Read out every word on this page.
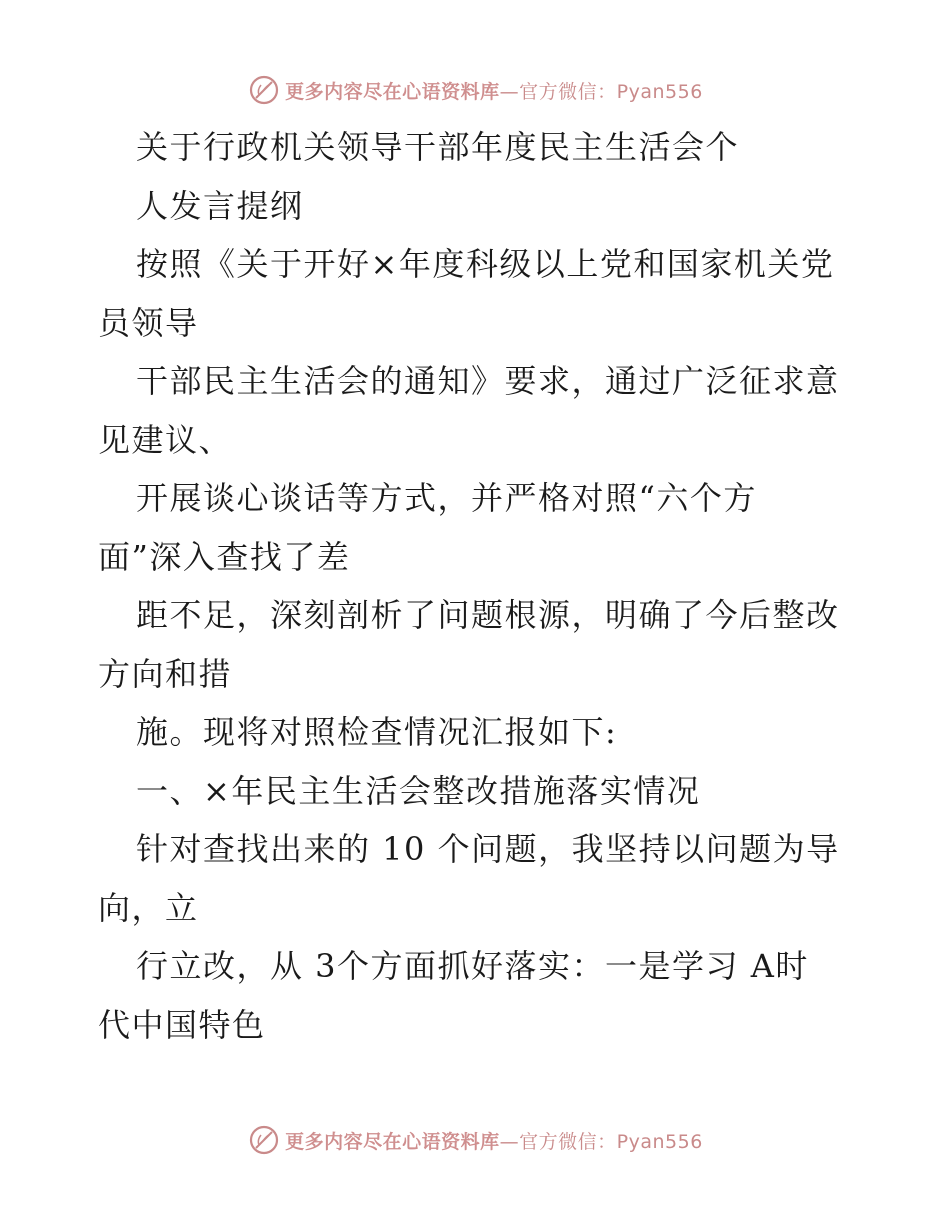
更多内容尽在心语资料库 —官方微信：Pyan556
关于行政机关领导干部年度民主生活会个
人发言提纲
按照《关于开好×年度科级以上党和国家机关党
员领导
干部民主生活会的通知》要求，通过广泛征求意
见建议、
开展谈心谈话等方式，并严格对照“六个方
面”深入查找了差
距不足，深刻剖析了问题根源，明确了今后整改
方向和措
施。现将对照检查情况汇报如下:
一、×年民主生活会整改措施落实情况
针对查找出来的 10 个问题，我坚持以问题为导
向，立
行立改，从 3个方面抓好落实：一是学习 A时
代中国特色
更多内容尽在心语资料库 —官方微信：Pyan556
